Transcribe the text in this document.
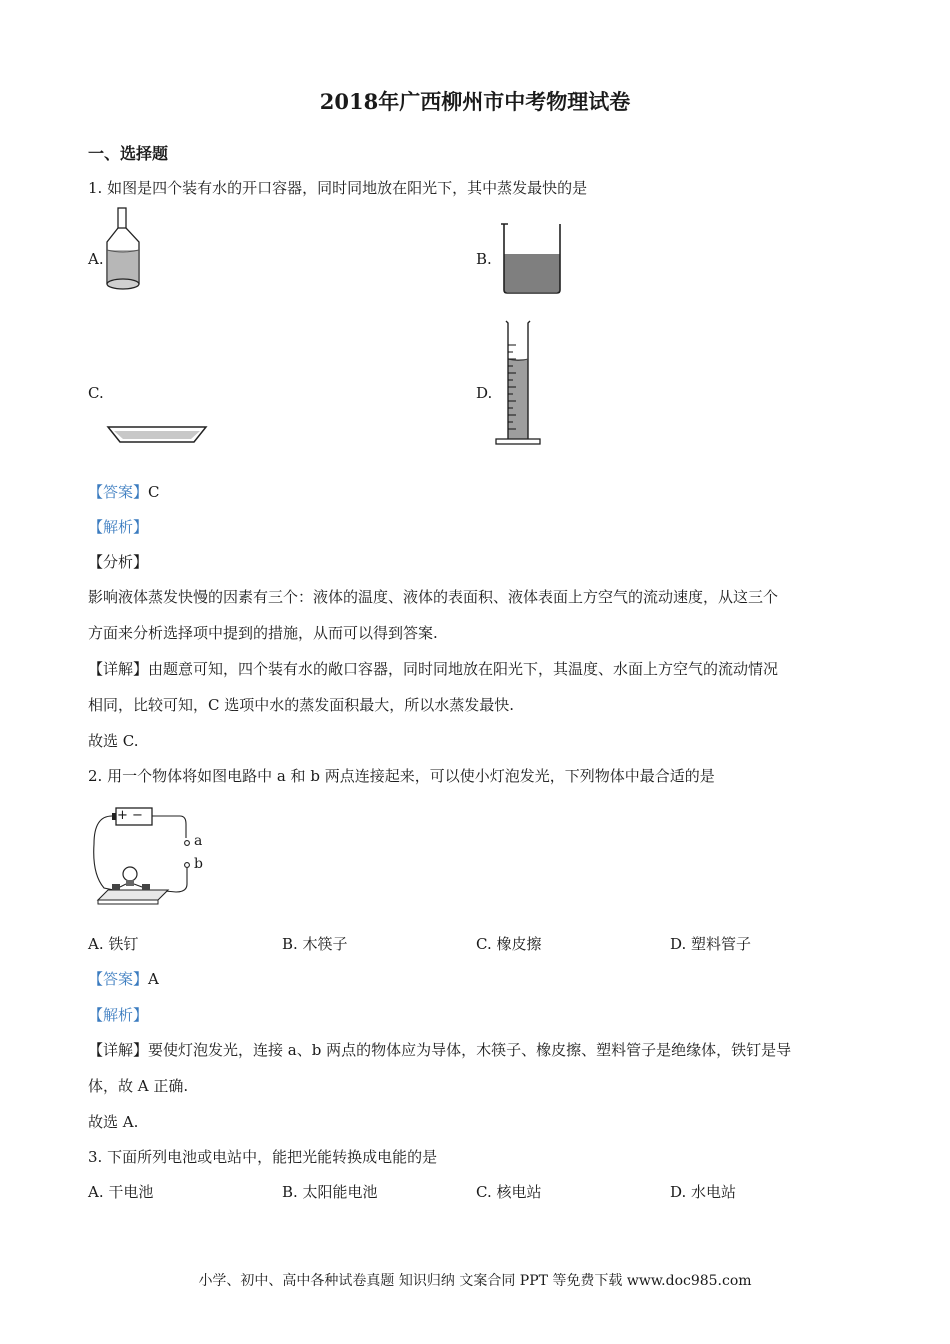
2018年广西柳州市中考物理试卷
一、选择题
1. 如图是四个装有水的开口容器，同时同地放在阳光下，其中蒸发最快的是
A.	B.
C.	D.
【答案】C
【解析】
【分析】
影响液体蒸发快慢的因素有三个：液体的温度、液体的表面积、液体表面上方空气的流动速度，从这三个
方面来分析选择项中提到的措施，从而可以得到答案.
【详解】由题意可知，四个装有水的敞口容器，同时同地放在阳光下，其温度、水面上方空气的流动情况
相同，比较可知，C 选项中水的蒸发面积最大，所以水蒸发最快.
故选 C.
2. 用一个物体将如图电路中 a 和 b 两点连接起来，可以使小灯泡发光，下列物体中最合适的是
+ −
a
b
A. 铁钉	B. 木筷子	C. 橡皮擦	D. 塑料管子
【答案】A
【解析】
【详解】要使灯泡发光，连接 a、b 两点的物体应为导体，木筷子、橡皮擦、塑料管子是绝缘体，铁钉是导
体，故 A 正确.
故选 A.
3. 下面所列电池或电站中，能把光能转换成电能的是
A. 干电池	B. 太阳能电池	C. 核电站	D. 水电站
小学、初中、高中各种试卷真题 知识归纳 文案合同 PPT 等免费下载 www.doc985.com
